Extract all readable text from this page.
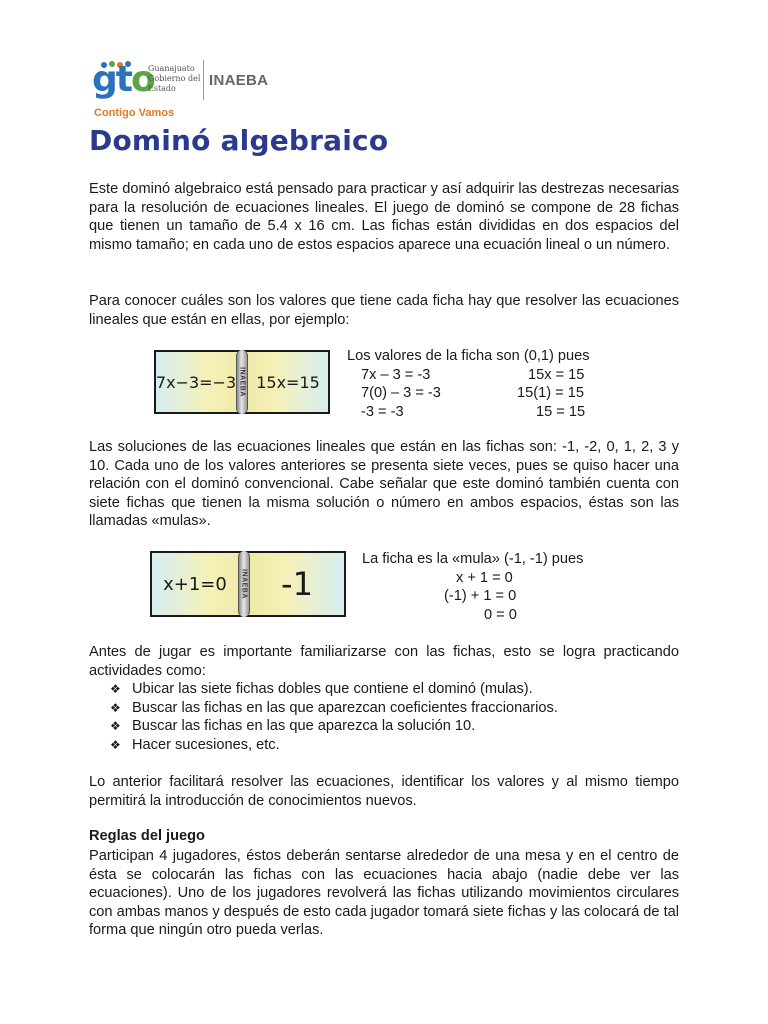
gto
Guanajuato Gobierno del Estado	INAEBA
Contigo Vamos
Dominó algebraico

Este dominó algebraico está pensado para practicar y así adquirir las destrezas necesarias para la resolución de ecuaciones lineales. El juego de dominó se compone de 28 fichas que tienen un tamaño de 5.4 x 16 cm. Las fichas están divididas en dos espacios del mismo tamaño; en cada uno de estos espacios aparece una ecuación lineal o un número.

Para conocer cuáles son los valores que tiene cada ficha hay que resolver las ecuaciones lineales que están en ellas, por ejemplo:

7x−3=−3 INAEBA 15x=15
Los valores de la ficha son (0,1) pues
7x – 3 = -3	15x = 15
7(0) – 3 = -3	15(1) = 15
-3 = -3	15 = 15

Las soluciones de las ecuaciones lineales que están en las fichas son: -1, -2, 0, 1, 2, 3 y 10. Cada uno de los valores anteriores se presenta siete veces, pues se quiso hacer una relación con el dominó convencional. Cabe señalar que este dominó también cuenta con siete fichas que tienen la misma solución o número en ambos espacios, éstas son las llamadas «mulas».

x+1=0 INAEBA -1
La ficha es la «mula» (-1, -1) pues
x + 1 = 0
(-1) + 1 = 0
0 = 0

Antes de jugar es importante familiarizarse con las fichas, esto se logra practicando actividades como:

❖ Ubicar las siete fichas dobles que contiene el dominó (mulas).
❖ Buscar las fichas en las que aparezcan coeficientes fraccionarios.
❖ Buscar las fichas en las que aparezca la solución 10.
❖ Hacer sucesiones, etc.

Lo anterior facilitará resolver las ecuaciones, identificar los valores y al mismo tiempo permitirá la introducción de conocimientos nuevos.

Reglas del juego

Participan 4 jugadores, éstos deberán sentarse alrededor de una mesa y en el centro de ésta se colocarán las fichas con las ecuaciones hacia abajo (nadie debe ver las ecuaciones). Uno de los jugadores revolverá las fichas utilizando movimientos circulares con ambas manos y después de esto cada jugador tomará siete fichas y las colocará de tal forma que ningún otro pueda verlas.
